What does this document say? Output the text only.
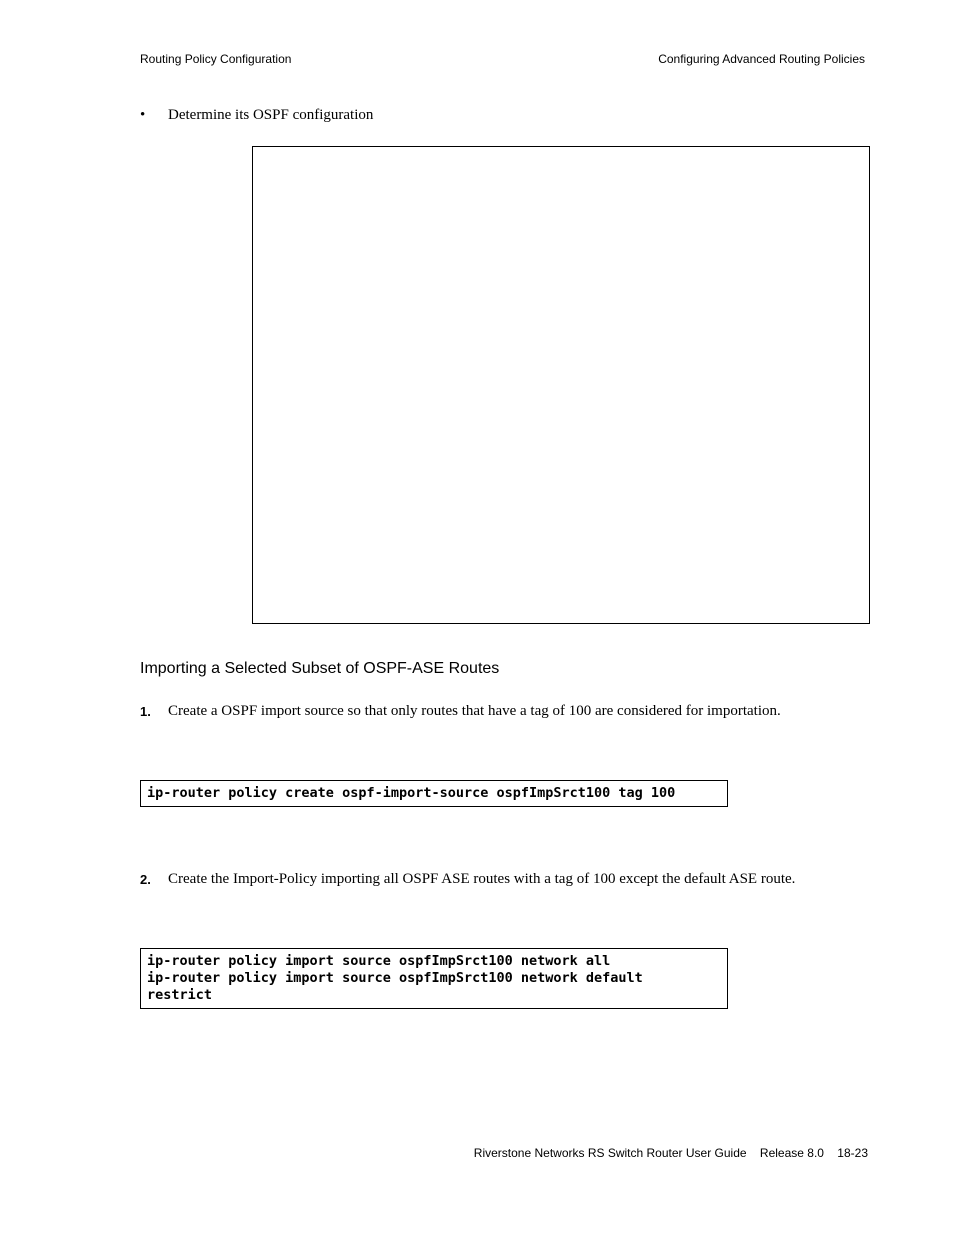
Routing Policy Configuration	Configuring Advanced Routing Policies
• Determine its OSPF configuration
Importing a Selected Subset of OSPF-ASE Routes
1. Create a OSPF import source so that only routes that have a tag of 100 are considered for importation.
ip-router policy create ospf-import-source ospfImpSrct100 tag 100
2. Create the Import-Policy importing all OSPF ASE routes with a tag of 100 except the default ASE route.
ip-router policy import source ospfImpSrct100 network all
ip-router policy import source ospfImpSrct100 network default
restrict
Riverstone Networks RS Switch Router User Guide Release 8.0 18-23
